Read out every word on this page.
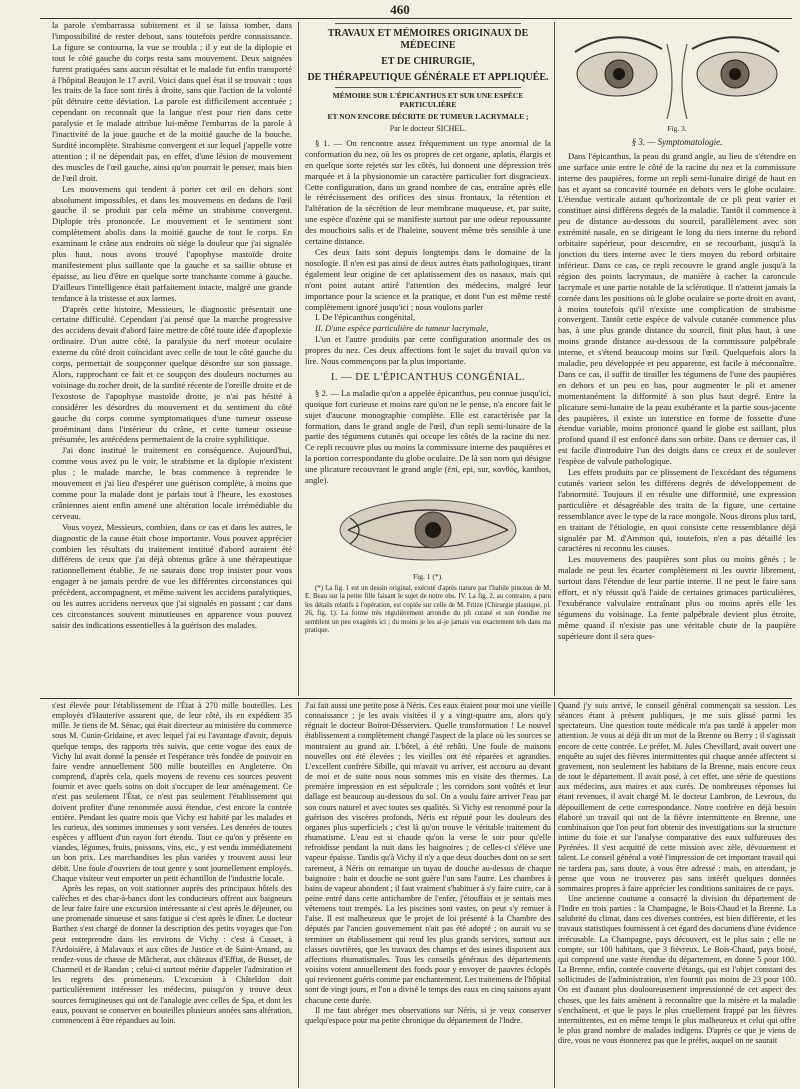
460

la parole s'embarrassa subitement et il se laissa tomber, dans l'impossibilité de rester debout, sans toutefois perdre connaissance. La figure se contourna, la vue se troubla ; il y eut de la diplopie et tout le côté gauche du corps resta sans mouvement. Deux saignées furent pratiquées sans aucun résultat et le malade fut enfin transporté à l'hôpital Beaujon le 17 avril. Voici dans quel état il se trouvait : tous les traits de la face sont tirés à droite, sans que l'action de la volonté pût détruire cette déviation. La parole est difficilement accentuée ; cependant on reconnaît que la langue n'est pour rien dans cette paralysie et le malade attribue lui-même l'embarras de la parole à l'inactivité de la joue gauche et de la moitié gauche de la bouche. Surdité incomplète. Strabisme convergent et sur lequel j'appelle votre attention ; il ne dépendait pas, en effet, d'une lésion de mouvement des muscles de l'œil gauche, ainsi qu'on pourrait le penser, mais bien de l'œil droit.

Les mouvemens qui tendent à porter cet œil en dehors sont absolument impossibles, et dans les mouvemens en dedans de l'œil gauche il se produit par cela même un strabisme convergent. Diplopie très prononcée. Le mouvement et le sentiment sont complètement abolis dans la moitié gauche de tout le corps. En examinant le crâne aux endroits où siége la douleur que j'ai signalée plus haut, nous avons trouvé l'apophyse mastoïde droite manifestement plus saillante que la gauche et sa saillie obtuse et épaisse, au lieu d'être en quelque sorte tranchante comme à gauche. D'ailleurs l'intelligence était parfaitement intacte, malgré une grande tendance à la tristesse et aux larmes.

D'après cette histoire, Messieurs, le diagnostic présentait une certaine difficulté. Cependant j'ai pensé que la marche progressive des accidens devait d'abord faire mettre de côté toute idée d'apoplexie ordinaire. D'un autre côté, la paralysie du nerf moteur oculaire externe du côté droit coïncidant avec celle de tout le côté gauche du corps, permettait de soupçonner quelque désordre sur son passage. Alors, rapprochant ce fait et ce soupçon des douleurs nocturnes au voisinage du rocher droit, de la surdité récente de l'oreille droite et de l'exostose de l'apophyse mastoïde droite, je n'ai pas hésité à considérer les désordres du mouvement et du sentiment du côté gauche du corps comme symptomatiques d'une tumeur osseuse proéminant dans l'intérieur du crâne, et cette tumeur osseuse présumée, les antécédens permettaient de la croire syphilitique.

J'ai donc institué le traitement en conséquence. Aujourd'hui, comme vous avez pu le voir, le strabisme et la diplopie n'existent plus ; le malade marche, le bras commence à reprendre le mouvement et j'ai lieu d'espérer une guérison complète, à moins que comme pour la malade dont je parlais tout à l'heure, les exostoses crâniennes aient enfin amené une altération locale irrémédiable du cerveau.

Vous voyez, Messieurs, combien, dans ce cas et dans les autres, le diagnostic de la cause était chose importante. Vous pouvez apprécier combien les résultats du traitement institué d'abord auraient été différens de ceux que j'ai déjà obtenus grâce à une thérapeutique rationnellement établie. Je ne saurais donc trop insister pour vous engager à ne jamais perdre de vue les différentes circonstances qui précèdent, accompagnent, et même suivent les accidens paralytiques, ou les autres accidens nerveux que j'ai signalés en passant ; car dans ces circonstances souvent minutieuses en apparence vous pouvez saisir des indications essentielles à la guérison des malades.

TRAVAUX ET MÉMOIRES ORIGINAUX DE MÉDECINE
ET DE CHIRURGIE,
DE THÉRAPEUTIQUE GÉNÉRALE ET APPLIQUÉE.
MÉMOIRE SUR L'ÉPICANTHUS ET SUR UNE ESPÈCE PARTICULIÈRE
ET NON ENCORE DÉCRITE DE TUMEUR LACRYMALE ;
Par le docteur SICHEL.

§ 1. — On rencontre assez fréquemment un type anormal de la conformation du nez, où les os propres de cet organe, aplatis, élargis et en quelque sorte rejetés sur les côtés, lui donnent une dépression très marquée et à la physionomie un caractère particulier fort disgracieux. Cette configuration, dans un grand nombre de cas, entraîne après elle le rétrécissement des orifices des sinus frontaux, la rétention et l'altération de la sécrétion de leur membrane muqueuse, et, par suite, une espèce d'ozène qui se manifeste surtout par une odeur repoussante des mouchoirs salis et de l'haleine, souvent même très sensible à une certaine distance.

Ces deux faits sont depuis longtemps dans le domaine de la nosologie. Il n'en est pas ainsi de deux autres états pathologiques, tirant également leur origine de cet aplatissement des os nasaux, mais qui n'ont point autant attiré l'attention des médecins, malgré leur importance pour la science et la pratique, et dont l'un est même resté complètement ignoré jusqu'ici ; nous voulons parler

I. De l'épicanthus congénital,

II. D'une espèce particulière de tumeur lacrymale,

L'un et l'autre produits par cette configuration anormale des os propres du nez. Ces deux affections font le sujet du travail qu'on va lire. Nous commençons par la plus importante.

I. — DE L'ÉPICANTHUS CONGÉNIAL.

§ 2. — La maladie qu'on a appelée épicanthus, peu connue jusqu'ici, quoique fort curieuse et moins rare qu'on ne le pense, n'a encore fait le sujet d'aucune monographie complète. Elle est caractérisée par la formation, dans le grand angle de l'œil, d'un repli semi-lunaire de la partie des tégumens cutanés qui occupe les côtés de la racine du nez. Ce repli recouvre plus ou moins la commissure interne des paupières et la portion correspondante du globe oculaire. De là son nom qui désigne une plicature recouvrant le grand angle (ἐπί, epi, sur, κανθός, kanthos, angle).

Fig. 1 (*).

(*) La fig. 1 est un dessin original, exécuté d'après nature par l'habile pinceau de M. E. Beau sur la petite fille faisant le sujet de notre obs. IV. La fig. 2, au contraire, a paru les détails relatifs à l'opération, est copiée sur celle de M. Fritze (Chirurgie plastique, pl. 26, fig. 1). La forme très régulièrement arrondie du pli cutané et son étendue me semblent un peu exagérés ici ; du moins je les ai-je jamais vus exactement tels dans ma pratique.

Fig. 3.
§ 3. — Symptomatologie.

Dans l'épicanthus, la peau du grand angle, au lieu de s'étendre en une surface unie entre le côté de la racine du nez et la commissure interne des paupières, forme un repli semi-lunaire dirigé de haut en bas et ayant sa concavité tournée en dehors vers le globe oculaire. L'étendue verticale autant qu'horizontale de ce pli peut varier et constituer ainsi différens degrés de la maladie. Tantôt il commence à peu de distance au-dessous du sourcil, parallèlement avec son extrémité nasale, en se dirigeant le long du tiers interne du rebord orbitaire supérieur, pour descendre, en se recourbant, jusqu'à la jonction du tiers interne avec le tiers moyen du rebord orbitaire inférieur. Dans ce cas, ce repli recouvre le grand angle jusqu'à la région des points lacrymaux, de manière à cacher la caroncule lacrymale et une partie notable de la sclérotique. Il n'atteint jamais la cornée dans les positions où le globe oculaire se porte droit en avant, à moins toutefois qu'il n'existe une complication de strabisme convergent. Tantôt cette espèce de valvule cutanée commence plus bas, à une plus grande distance du sourcil, finit plus haut, à une moins grande distance au-dessous de la commissure palpébrale interne, et s'étend beaucoup moins sur l'œil. Quelquefois alors la maladie, peu développée et peu apparente, est facile à méconnaître. Dans ce cas, il suffit de tirailler les tégumens de l'une des paupières en dehors et un peu en bas, pour augmenter le pli et amener momentanément la difformité à son plus haut degré. Entre la plicature semi-lunaire de la peau exubérante et la partie sous-jacente des paupières, il existe un interstice en forme de fossette d'une étendue variable, moins prononcé quand le globe est saillant, plus profond quand il est enfoncé dans son orbite. Dans ce dernier cas, il est facile d'introduire l'un des doigts dans ce creux et de soulever l'espèce de valvule pathologique.

Les effets produits par ce plissement de l'excédant des tégumens cutanés varient selon les différens degrés de développement de l'abnormité. Toujours il en résulte une difformité, une expression particulière et désagréable des traits de la figure, une certaine ressemblance avec le type de la race mongole. Nous dirons plus tard, en traitant de l'étiologie, en quoi consiste cette ressemblance déjà signalée par M. d'Ammon qui, toutefois, n'en a pas détaillé les caractères ni reconnu les causes.

Les mouvemens des paupières sont plus ou moins gênés ; le malade ne peut les écarter complètement ni les ouvrir librement, surtout dans l'étendue de leur partie interne. Il ne peut le faire sans effort, et n'y réussit qu'à l'aide de certaines grimaces particulières, l'exubérance valvulaire entraînant plus ou moins après elle les tégumens du voisinage. La fente palpébrale devient plus étroite, même quand il n'existe pas une véritable chute de la paupière supérieure dont il sera ques-

s'est élevée pour l'établissement de l'État à 270 mille bouteilles. Les employés d'Hauterive assurent que, de leur côté, ils en expédient 35 mille. Je tiens de M. Sénac, qui était directeur au ministère du commerce sous M. Cunin-Gridaine, et avec lequel j'ai eu l'avantage d'avoir, depuis quelque temps, des rapports très suivis, que cette vogue des eaux de Vichy lui avait donné la pensée et l'espérance très fondée de pouvoir en faire vendre annuellement 500 mille bouteilles en Angleterre. On comprend, d'après cela, quels moyens de revenu ces sources peuvent fournir et avec quels soins on doit s'occuper de leur aménagement. Ce n'est pas seulement l'État, ce n'est pas seulement l'établissement qui doivent profiter d'une renommée aussi étendue, c'est encore la contrée entière. Pendant les quatre mois que Vichy est habité par les malades et les curieux, des sommes immenses y sont versées. Les denrées de toutes espèces y affluent d'un rayon fort étendu. Tout ce qu'on y présente en viandes, légumes, fruits, poissons, vins, etc., y est vendu immédiatement un bon prix. Les marchandises les plus variées y trouvent aussi leur débit. Une foule d'ouvriers de tout genre y sont journellement employés. Chaque visiteur veut emporter un petit échantillon de l'industrie locale.

Après les repas, on voit stationner auprès des principaux hôtels des calèches et des char-à-bancs dont les conducteurs offrent aux baigneurs de leur faire faire une excursion intéressante si c'est après le déjeuner, ou une promenade sinueuse et sans fatigue si c'est après le dîner. Le docteur Barthez s'est chargé de donner la description des petits voyages que l'on peut entreprendre dans les environs de Vichy : c'est à Cusset, à l'Ardoisière, à Malavaux et aux côtes de Justice et de Saint-Amand, au rendez-vous de chasse de Mâcherat, aux châteaux d'Effiat, de Busset, de Charmeil et de Randan ; celui-ci surtout mérite d'appeler l'admiration et les regrets des promeneurs. L'excursion à Châteldon doit particulièrement intéresser les médecins, puisqu'on y trouve deux sources ferrugineuses qui ont de l'analogie avec celles de Spa, et dont les eaux, pouvant se conserver en bouteilles plusieurs années sans altération, commencent à être répandues au loin.

J'ai fait aussi une petite pose à Néris. Ces eaux étaient pour moi une vieille connaissance ; je les avais visitées il y a vingt-quatre ans, alors qu'y régnait le docteur Boirot-Désserviers. Quelle transformation ! Le nouvel établissement a complètement changé l'aspect de la place où les sources se montraient au grand air. L'hôtel, à été rebâti. Une foule de maisons nouvelles ont été élevées ; les vieilles ont été réparées et agrandies. L'excellent confrère Sibille, qui m'avait vu arriver, est accouru au devant de moi et de suite nous nous sommes mis en visite des thermes. La première impression en est sépulcrale ; les corridors sont voûtés et leur dallage est beaucoup au-dessous du sol. On a voulu faire arriver l'eau par son cours naturel et avec toutes ses qualités. Si Vichy est renommé pour la guérison des viscères profonds, Néris est réputé pour les douleurs des organes plus superficiels ; c'est là qu'on trouve le véritable traitement du rhumatisme. L'eau est si chaude qu'on la verse le soir pour qu'elle refroidisse pendant la nuit dans les baignoires ; de celles-ci s'élève une vapeur épaisse. Tandis qu'à Vichy il n'y a que deux douches dont on se sert rarement, à Néris on remarque un tuyau de douche au-dessus de chaque baignoire : bain et douche ne sont guère l'un sans l'autre. Les chambres à bains de vapeur abondent ; il faut vraiment s'habituer à s'y faire cuire, car à peine entré dans cette antichambre de l'enfer, j'étouffais et je sentais mes vêtemens tout trempés. La les piscines sont vastes, on peut s'y remuer à l'aise. Il est malheureux que le projet de loi présenté à la Chambre des députés par l'ancien gouvernement n'ait pas été adopté ; on aurait vu se terminer un établissement qui rend les plus grands services, surtout aux classes ouvrières, que les travaux des champs et des usines disposent aux affections rhumatismales. Tous les conseils généraux des départements voisins votent annuellement des fonds pour y envoyer de pauvres éclopés qui reviennent guéris comme par enchantement. Les traitemens de l'hôpital sont de vingt jours, et l'on a divisé le temps des eaux en cinq saisons ayant chacune cette durée.

Il me faut abréger mes observations sur Néris, si je veux conserver quelqu'espace pour ma petite chronique du département de l'Indre.

Quand j'y suis arrivé, le conseil général commençait sa session. Les séances étant à présent publiques, je me suis glissé parmi les spectateurs. Une question toute médicale m'a pas tardé à appeler mon attention. Je vous ai déjà dit un mot de la Brenne ou Berry ; il s'agissait encore de cette contrée. Le préfet, M. Jules Chevillard, avait ouvert une enquête au sujet des fièvres intermittentes qui chaque année affectent si gravement, non seulement les habitans de la Brenne, mais encore ceux de tout le département. Il avait posé, à cet effet, une série de questions aux médecins, aux maires et aux curés. De nombreuses réponses lui étant revenues, il avait chargé M. le docteur Lambron, de Levroux, du dépouillement de cette correspondance. Notre confrère en déjà besoin élaboré un travail qui ont de la fièvre intermittente en Brenne, une combinaison que l'on peut fort obtenir des investigations sur la structure intime du foie et sur l'analyse comparative des eaux sulfureuses des Pyrénées. Il s'est acquitté de cette mission avec zèle, dévouement et talent. Le conseil général a voté l'impression de cet important travail qui ne tardera pas, sans doute, à vous être adressé : mais, en attendant, je pense que vous ne trouverez pas sans intérêt quelques données sommaires propres à faire apprécier les conditions sanitaires de ce pays.

Une ancienne coutume a consacré la division du département de l'Indre en trois parties : la Champagne, le Bois-Chaud et la Brenne. La salubrité du climat, dans ces diverses contrées, est bien différente, et les travaux statistiques fournissent à cet égard des documens d'une évidence irrécusable. La Champagne, pays découvert, est le plus sain ; elle ne compte, sur 100 habitans, que 3 fiévreux. Le Bois-Chaud, pays boisé, qui comprend une vaste étendue du département, en donne 5 pour 100. La Brenne, enfin, contrée couverte d'étangs, qui est l'objet constant des sollicitudes de l'administration, n'en fournit pas moins de 23 pour 100. On est d'autant plus douloureusement impressionné de cet aspect des choses, que les faits amènent à reconnaître que la misère et la maladie s'enchaînent, et que le pays le plus cruellement frappé par les fièvres intermittentes, est en même temps le plus malheureux et celui qui offre le plus grand nombre de malades indigens. D'après ce que je viens de dire, vous ne vous étonnerez pas que le préfet, auquel on ne saurait
